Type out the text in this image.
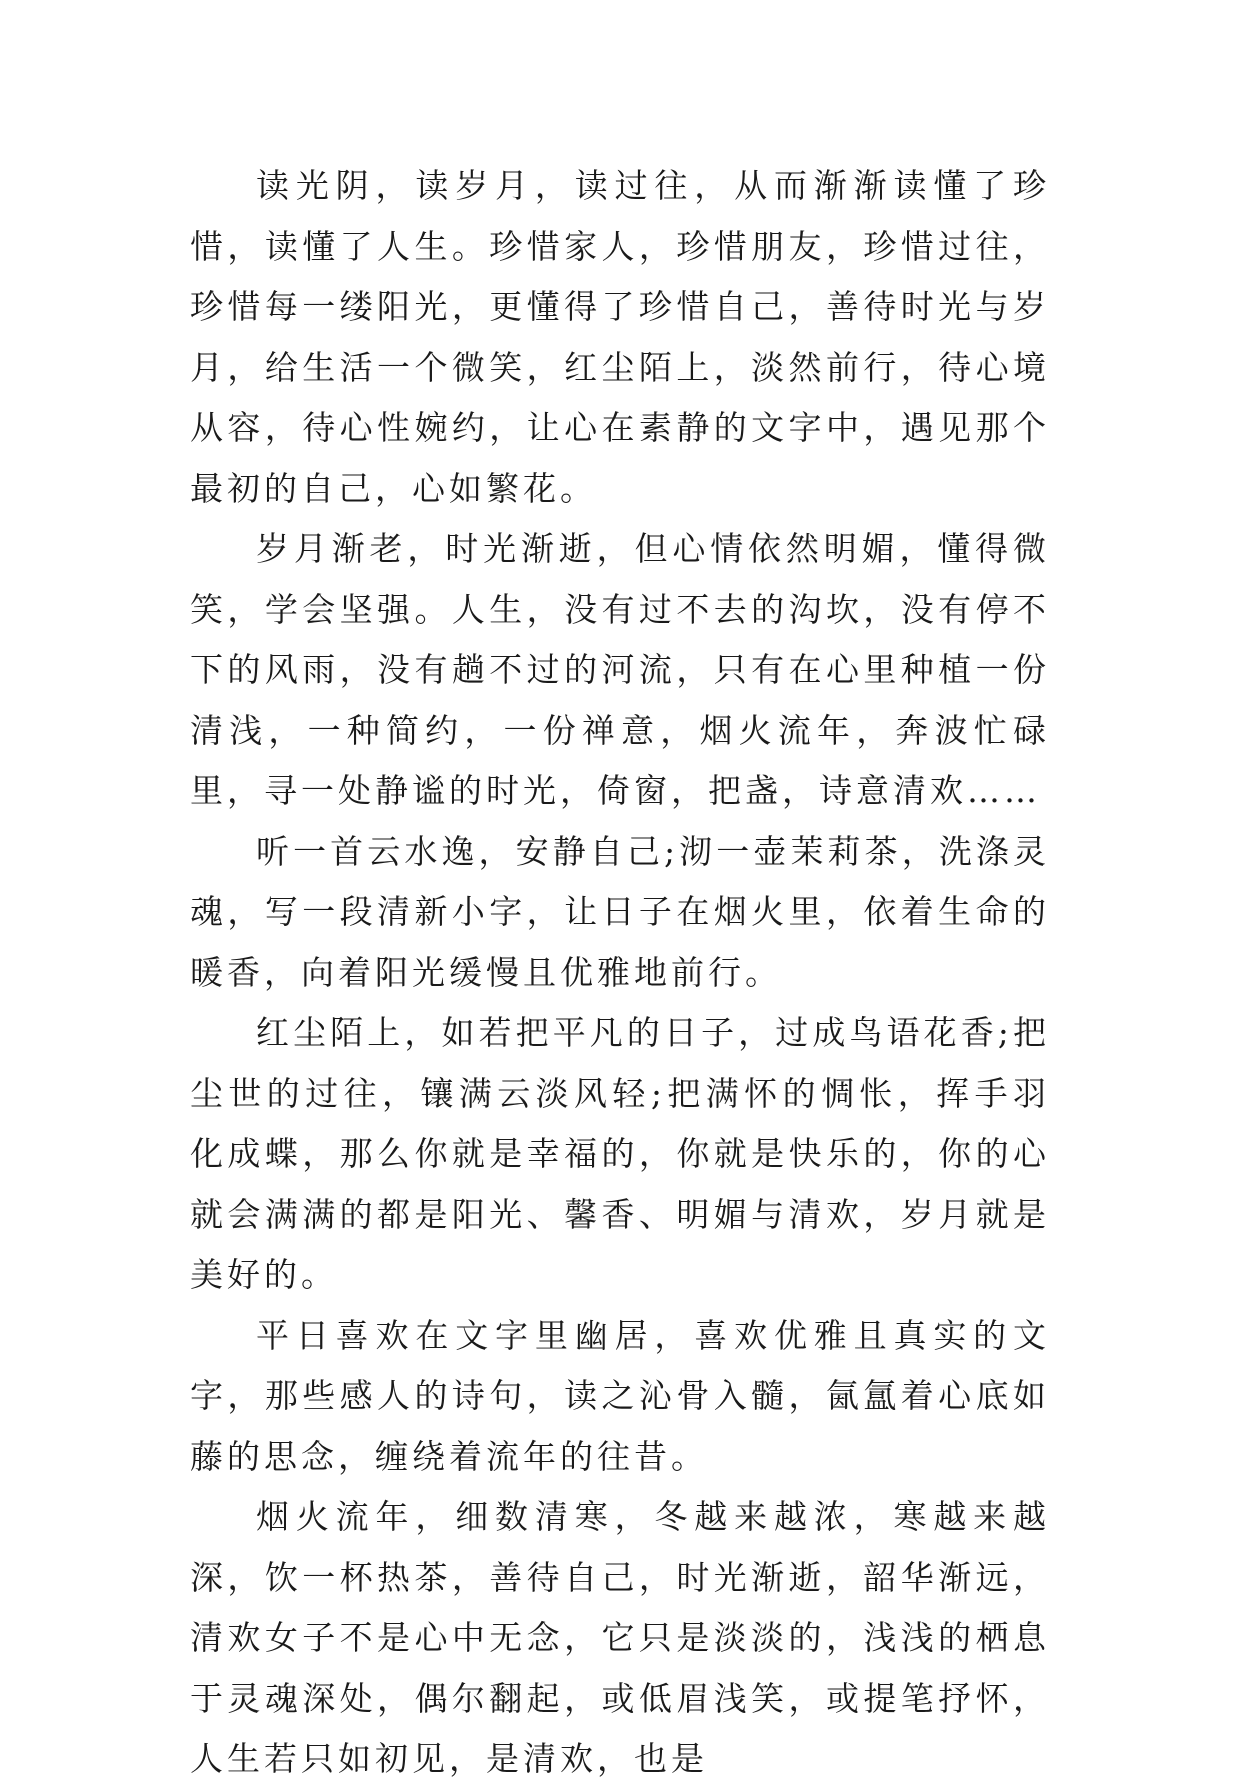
读光阴，读岁月，读过往，从而渐渐读懂了珍惜，读懂了人生。珍惜家人，珍惜朋友，珍惜过往，珍惜每一缕阳光，更懂得了珍惜自己，善待时光与岁月，给生活一个微笑，红尘陌上，淡然前行，待心境从容，待心性婉约，让心在素静的文字中，遇见那个最初的自己，心如繁花。

岁月渐老，时光渐逝，但心情依然明媚，懂得微笑，学会坚强。人生，没有过不去的沟坎，没有停不下的风雨，没有趟不过的河流，只有在心里种植一份清浅，一种简约，一份禅意，烟火流年，奔波忙碌里，寻一处静谧的时光，倚窗，把盏，诗意清欢……

听一首云水逸，安静自己;沏一壶茉莉茶，洗涤灵魂，写一段清新小字，让日子在烟火里，依着生命的暖香，向着阳光缓慢且优雅地前行。

红尘陌上，如若把平凡的日子，过成鸟语花香;把尘世的过往，镶满云淡风轻;把满怀的惆怅，挥手羽化成蝶，那么你就是幸福的，你就是快乐的，你的心就会满满的都是阳光、馨香、明媚与清欢，岁月就是美好的。

平日喜欢在文字里幽居，喜欢优雅且真实的文字，那些感人的诗句，读之沁骨入髓，氤氲着心底如藤的思念，缠绕着流年的往昔。

烟火流年，细数清寒，冬越来越浓，寒越来越深，饮一杯热茶，善待自己，时光渐逝，韶华渐远，清欢女子不是心中无念，它只是淡淡的，浅浅的栖息于灵魂深处，偶尔翻起，或低眉浅笑，或提笔抒怀，人生若只如初见，是清欢，也是
